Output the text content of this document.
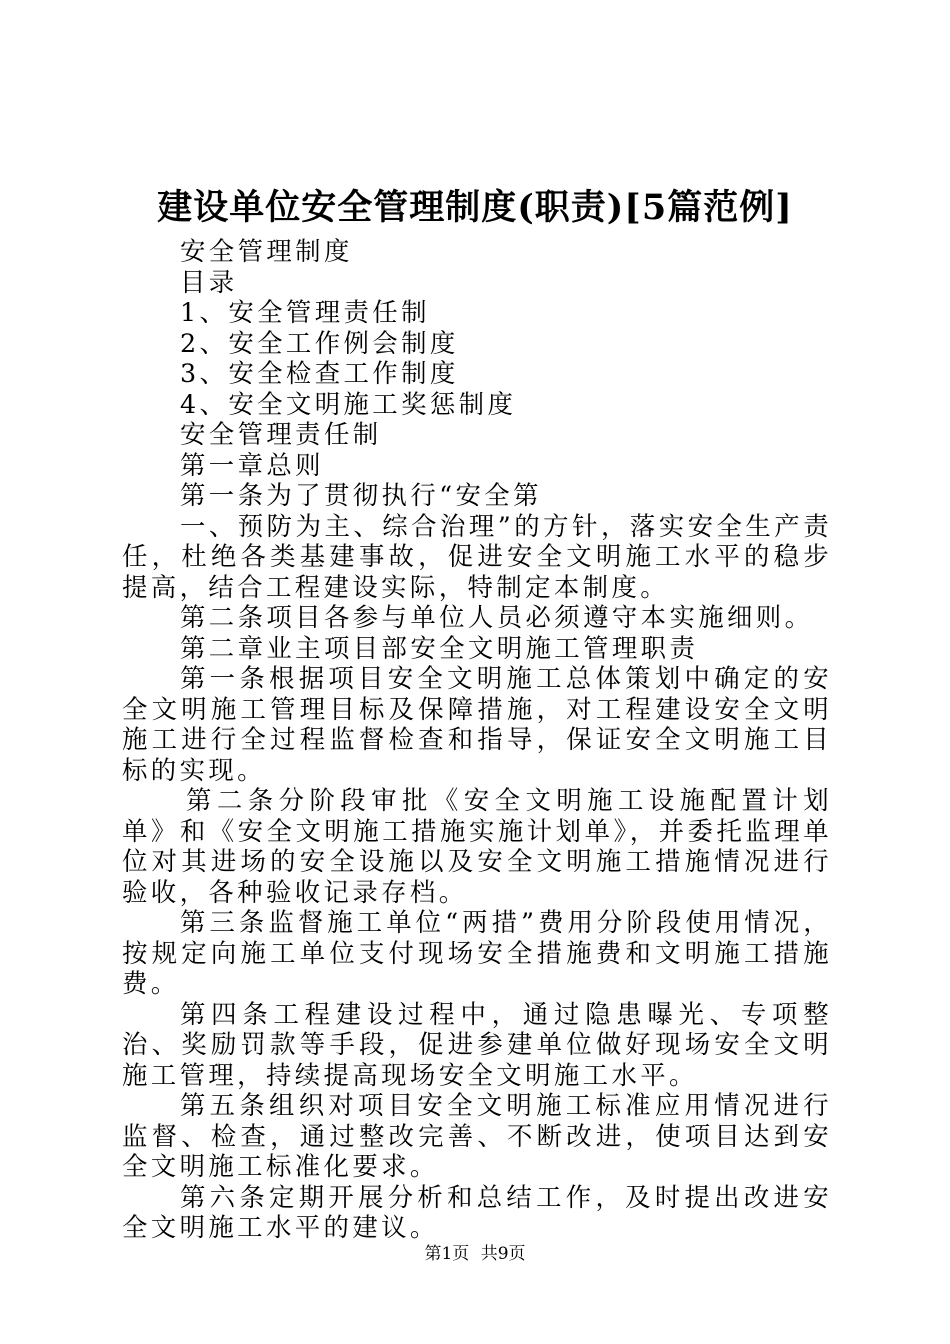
建设单位安全管理制度(职责)[5篇范例]

安全管理制度

目录

1、安全管理责任制

2、安全工作例会制度

3、安全检查工作制度

4、安全文明施工奖惩制度

安全管理责任制

第一章总则

第一条为了贯彻执行“安全第

一、预防为主、综合治理”的方针，落实安全生产责任，杜绝各类基建事故，促进安全文明施工水平的稳步提高，结合工程建设实际，特制定本制度。

第二条项目各参与单位人员必须遵守本实施细则。

第二章业主项目部安全文明施工管理职责

第一条根据项目安全文明施工总体策划中确定的安全文明施工管理目标及保障措施，对工程建设安全文明施工进行全过程监督检查和指导，保证安全文明施工目标的实现。

第二条分阶段审批《安全文明施工设施配置计划单》和《安全文明施工措施实施计划单》，并委托监理单位对其进场的安全设施以及安全文明施工措施情况进行验收，各种验收记录存档。

第三条监督施工单位“两措”费用分阶段使用情况，按规定向施工单位支付现场安全措施费和文明施工措施费。

第四条工程建设过程中，通过隐患曝光、专项整治、奖励罚款等手段，促进参建单位做好现场安全文明施工管理，持续提高现场安全文明施工水平。

第五条组织对项目安全文明施工标准应用情况进行监督、检查，通过整改完善、不断改进，使项目达到安全文明施工标准化要求。

第六条定期开展分析和总结工作，及时提出改进安全文明施工水平的建议。

第1页 共9页
